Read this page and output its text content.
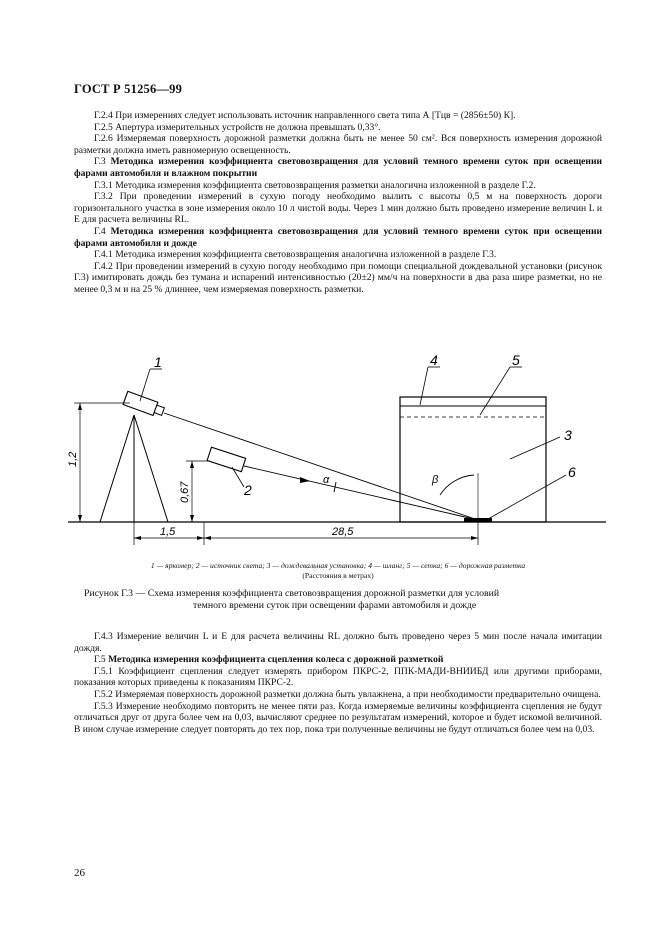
ГОСТ Р 51256—99

Г.2.4 При измерениях следует использовать источник направленного света типа А [Tцв = (2856±50) К].

Г.2.5 Апертура измерительных устройств не должна превышать 0,33°.

Г.2.6 Измеряемая поверхность дорожной разметки должна быть не менее 50 см². Вся поверхность измерения дорожной разметки должна иметь равномерную освещенность.

Г.3 Методика измерения коэффициента световозвращения для условий темного времени суток при освещении фарами автомобиля и влажном покрытии

Г.3.1 Методика измерения коэффициента световозвращения разметки аналогична изложенной в разделе Г.2.

Г.3.2 При проведении измерений в сухую погоду необходимо вылить с высоты 0,5 м на поверхность дороги горизонтального участка в зоне измерения около 10 л чистой воды. Через 1 мин должно быть проведено измерение величин L и E для расчета величины RL.

Г.4 Методика измерения коэффициента световозвращения для условий темного времени суток при освещении фарами автомобиля и дожде

Г.4.1 Методика измерения коэффициента световозвращения аналогична изложенной в разделе Г.3.

Г.4.2 При проведении измерений в сухую погоду необходимо при помощи специальной дождевальной установки (рисунок Г.3) имитировать дождь без тумана и испарений интенсивностью (20±2) мм/ч на поверхности в два раза шире разметки, но не менее 0,3 м и на 25 % длиннее, чем измеряемая поверхность разметки.

α	β
1
2
3
4	5
6
1,2
0,67
1,5	28,5
1 — яркомер; 2 — источник света; 3 — дождевальная установка; 4 — шланг; 5 — сетка; 6 — дорожная разметка
(Расстояния в метрах)
Рисунок Г.3 — Схема измерения коэффициента световозвращения дорожной разметки для условий
темного времени суток при освещении фарами автомобиля и дожде

Г.4.3 Измерение величин L и E для расчета величины RL должно быть проведено через 5 мин после начала имитации дождя.

Г.5 Методика измерения коэффициента сцепления колеса с дорожной разметкой

Г.5.1 Коэффициент сцепления следует измерять прибором ПКРС-2, ППК-МАДИ-ВНИИБД или другими приборами, показания которых приведены к показаниям ПКРС-2.

Г.5.2 Измеряемая поверхность дорожной разметки должна быть увлажнена, а при необходимости предварительно очищена.

Г.5.3 Измерение необходимо повторить не менее пяти раз. Когда измеряемые величины коэффициента сцепления не будут отличаться друг от друга более чем на 0,03, вычисляют среднее по результатам измерений, которое и будет искомой величиной. В ином случае измерение следует повторять до тех пор, пока три полученные величины не будут отличаться более чем на 0,03.

26
